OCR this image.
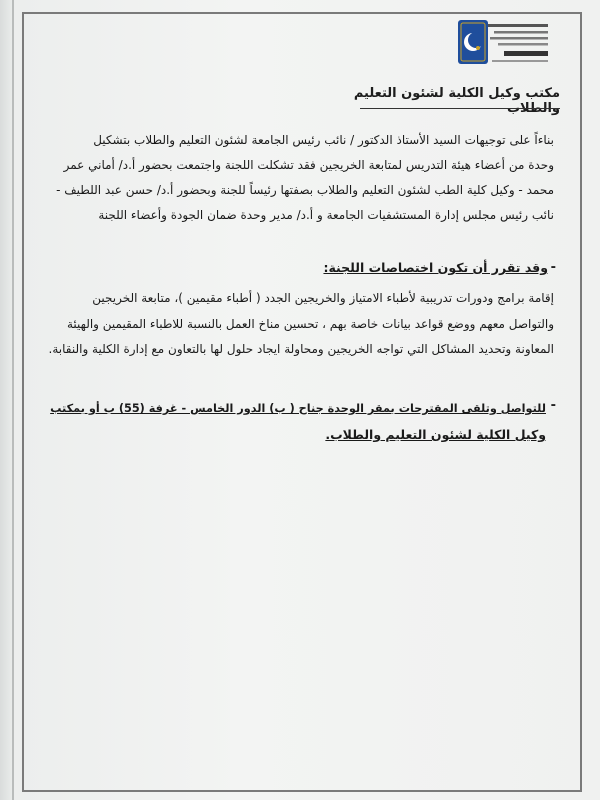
مكتب وكيل الكلية لشئون التعليم والطلاب
بناءاً على توجيهات السيد الأستاذ الدكتور / نائب رئيس الجامعة لشئون التعليم والطلاب بتشكيل
وحدة من أعضاء هيئة التدريس لمتابعة الخريجين فقد تشكلت اللجنة واجتمعت بحضور أ.د/ أماني عمر
محمد - وكيل كلية الطب لشئون التعليم والطلاب بصفتها رئيساً للجنة وبحضور أ.د/ حسن عبد اللطيف -
نائب رئيس مجلس إدارة المستشفيات الجامعة و أ.د/ مدير وحدة ضمان الجودة وأعضاء اللجنة
-
وقد تقرر أن تكون اختصاصات اللجنة:
إقامة برامج ودورات تدريبية لأطباء الامتياز والخريجين الجدد ( أطباء مقيمين )، متابعة الخريجين
والتواصل معهم ووضع قواعد بيانات خاصة بهم ، تحسين مناخ العمل بالنسبة للاطباء المقيمين والهيئة
المعاونة وتحديد المشاكل التي تواجه الخريجين ومحاولة ايجاد حلول لها بالتعاون مع إدارة الكلية والنقابة.
-
للتواصل وتلقى المقترحات بمقر الوحدة جناح ( ب) الدور الخامس - غرفة (55) ب أو بمكتب
وكيل الكلية لشئون التعليم والطلاب.
